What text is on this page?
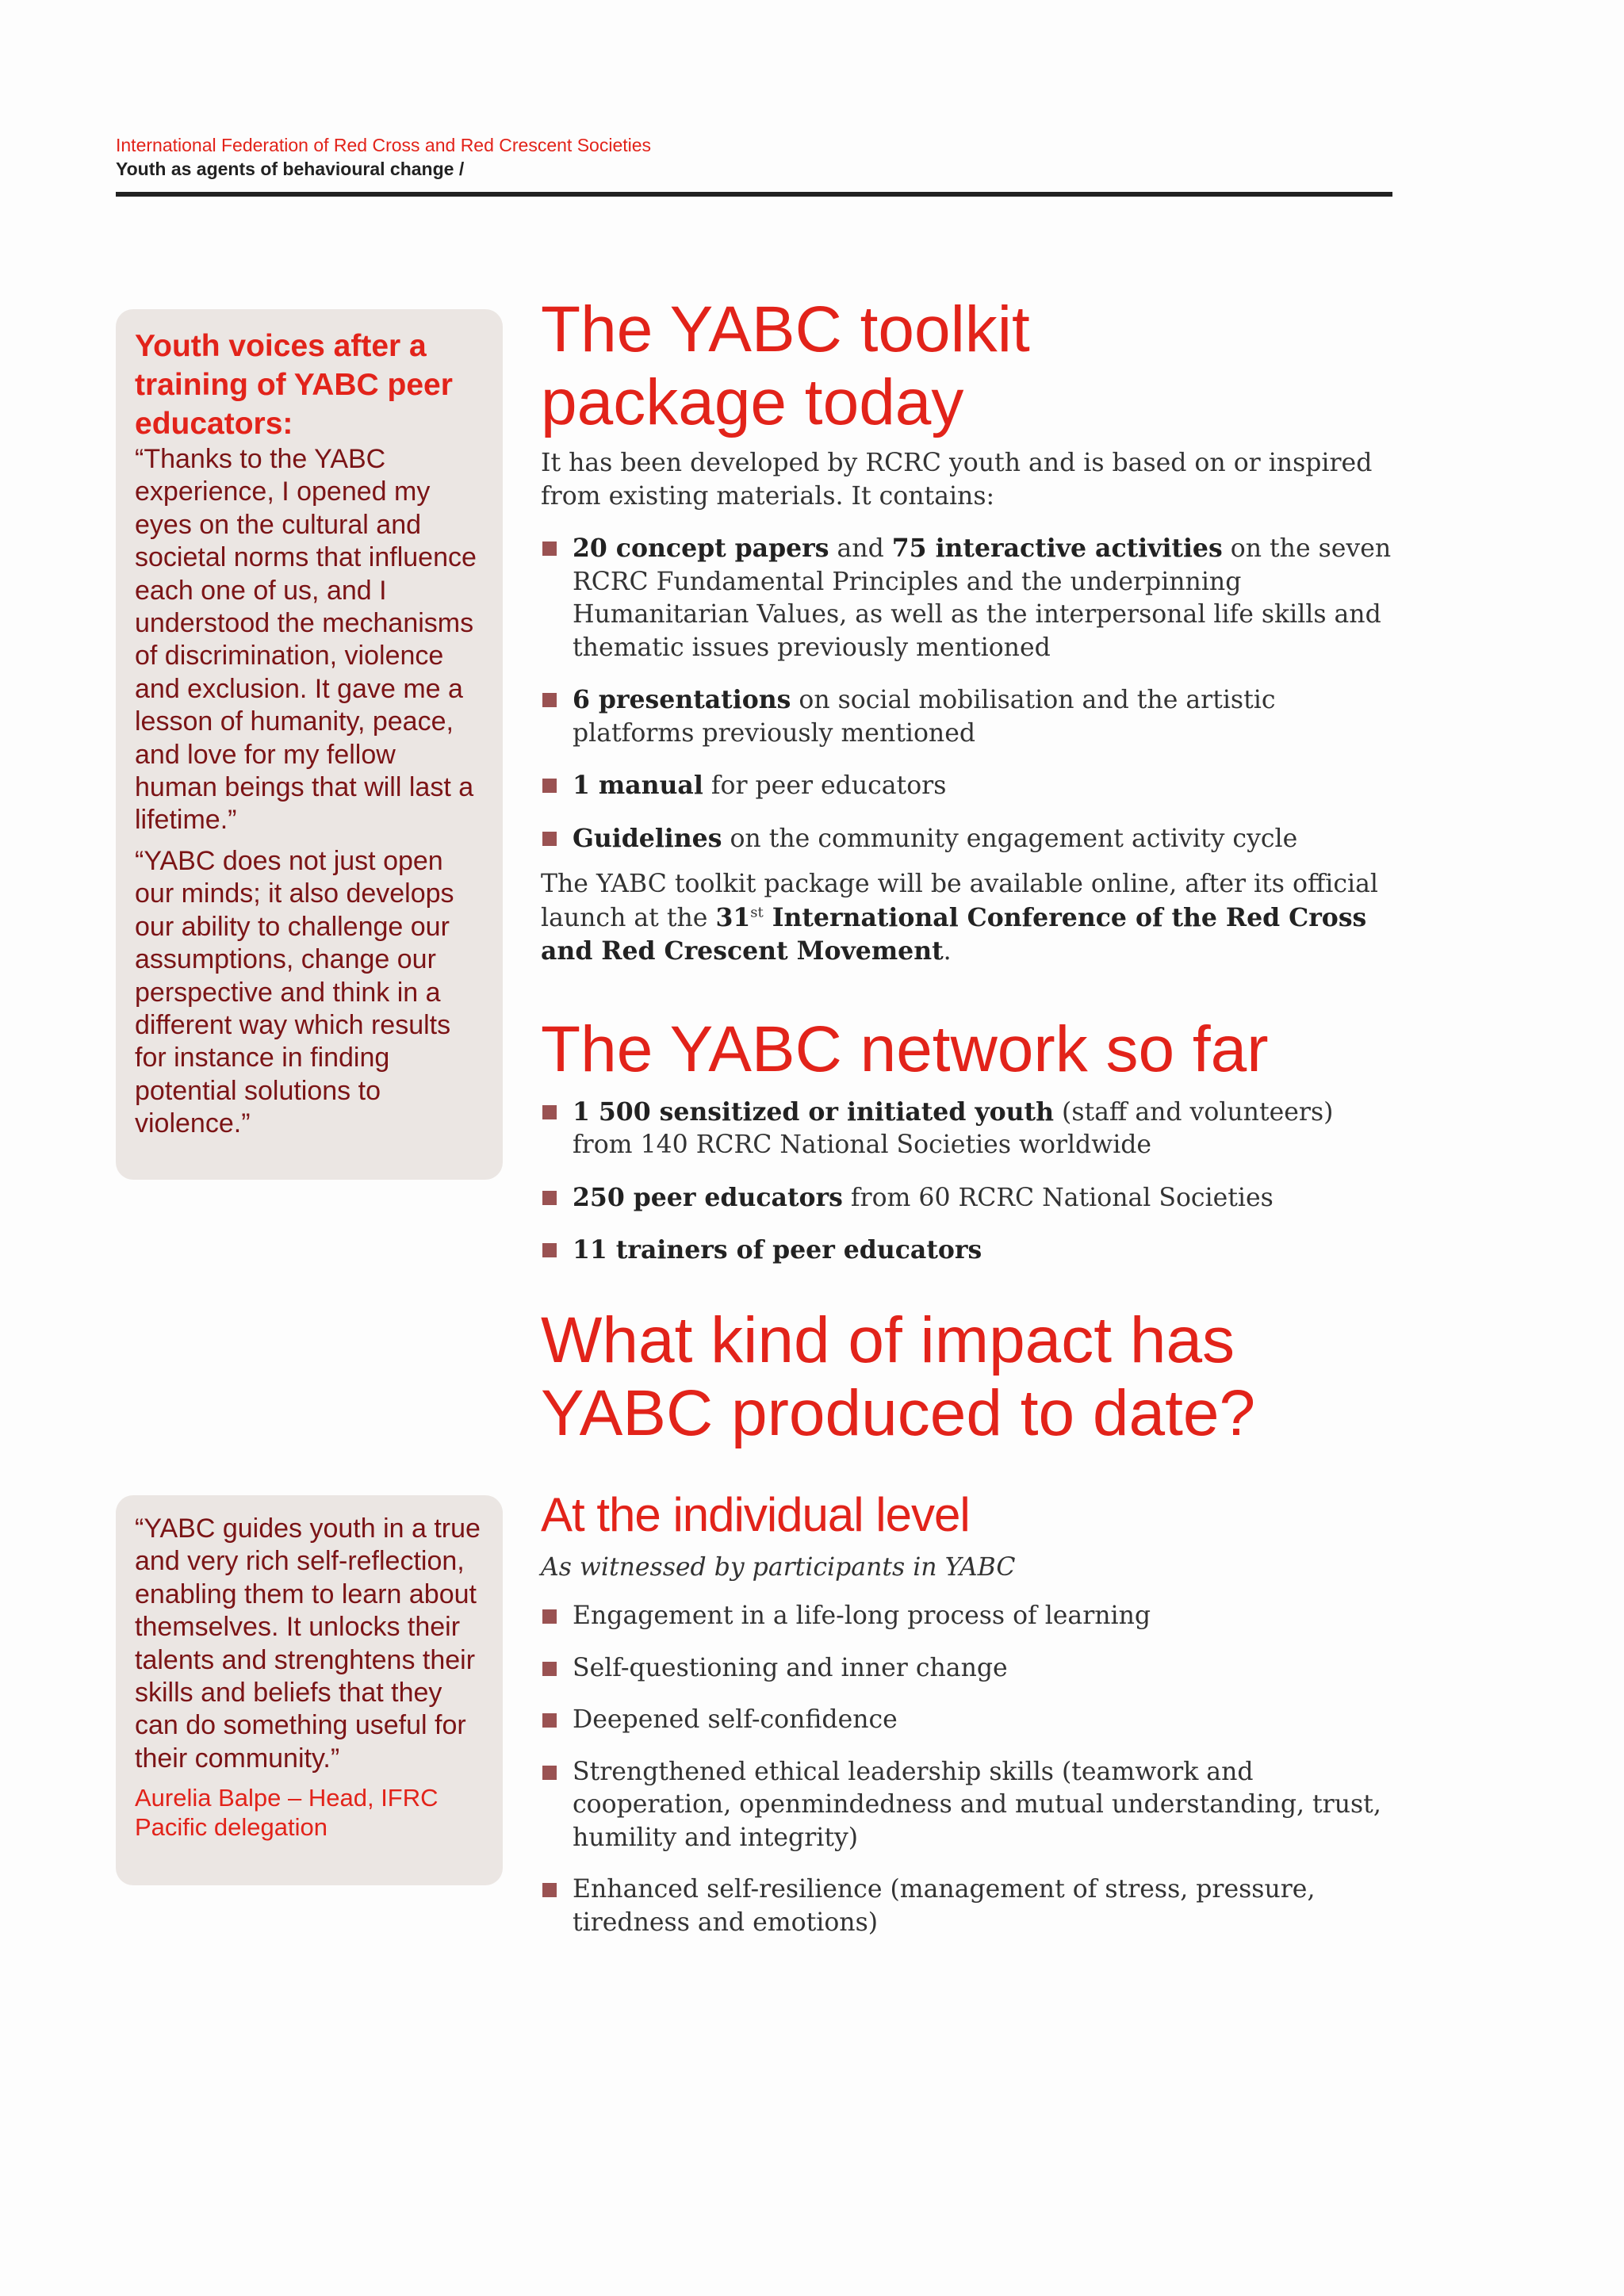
International Federation of Red Cross and Red Crescent Societies
Youth as agents of behavioural change /
Youth voices after a training of YABC peer educators:

“Thanks to the YABC experience, I opened my eyes on the cultural and societal norms that influence each one of us, and I understood the mechanisms of discrimination, violence and exclusion. It gave me a lesson of humanity, peace, and love for my fellow human beings that will last a lifetime.”

“YABC does not just open our minds; it also develops our ability to challenge our assumptions, change our perspective and think in a different way which results for instance in finding potential solutions to violence.”

“YABC guides youth in a true and very rich self-reflection, enabling them to learn about themselves. It unlocks their talents and strenghtens their skills and beliefs that they can do something useful for their community.”

Aurelia Balpe – Head, IFRC Pacific delegation
The YABC toolkit
package today

It has been developed by RCRC youth and is based on or inspired from existing materials. It contains:

20 concept papers and 75 interactive activities on the seven RCRC Fundamental Principles and the underpinning Humanitarian Values, as well as the interpersonal life skills and thematic issues previously mentioned
6 presentations on social mobilisation and the artistic platforms previously mentioned
1 manual for peer educators
Guidelines on the community engagement activity cycle

The YABC toolkit package will be available online, after its official launch at the 31st International Conference of the Red Cross and Red Crescent Movement.

The YABC network so far
1 500 sensitized or initiated youth (staff and volunteers) from 140 RCRC National Societies worldwide
250 peer educators from 60 RCRC National Societies
11 trainers of peer educators
What kind of impact has
YABC produced to date?
At the individual level

As witnessed by participants in YABC

Engagement in a life-long process of learning
Self-questioning and inner change
Deepened self-confidence
Strengthened ethical leadership skills (teamwork and cooperation, openmindedness and mutual understanding, trust, humility and integrity)
Enhanced self-resilience (management of stress, pressure, tiredness and emotions)
